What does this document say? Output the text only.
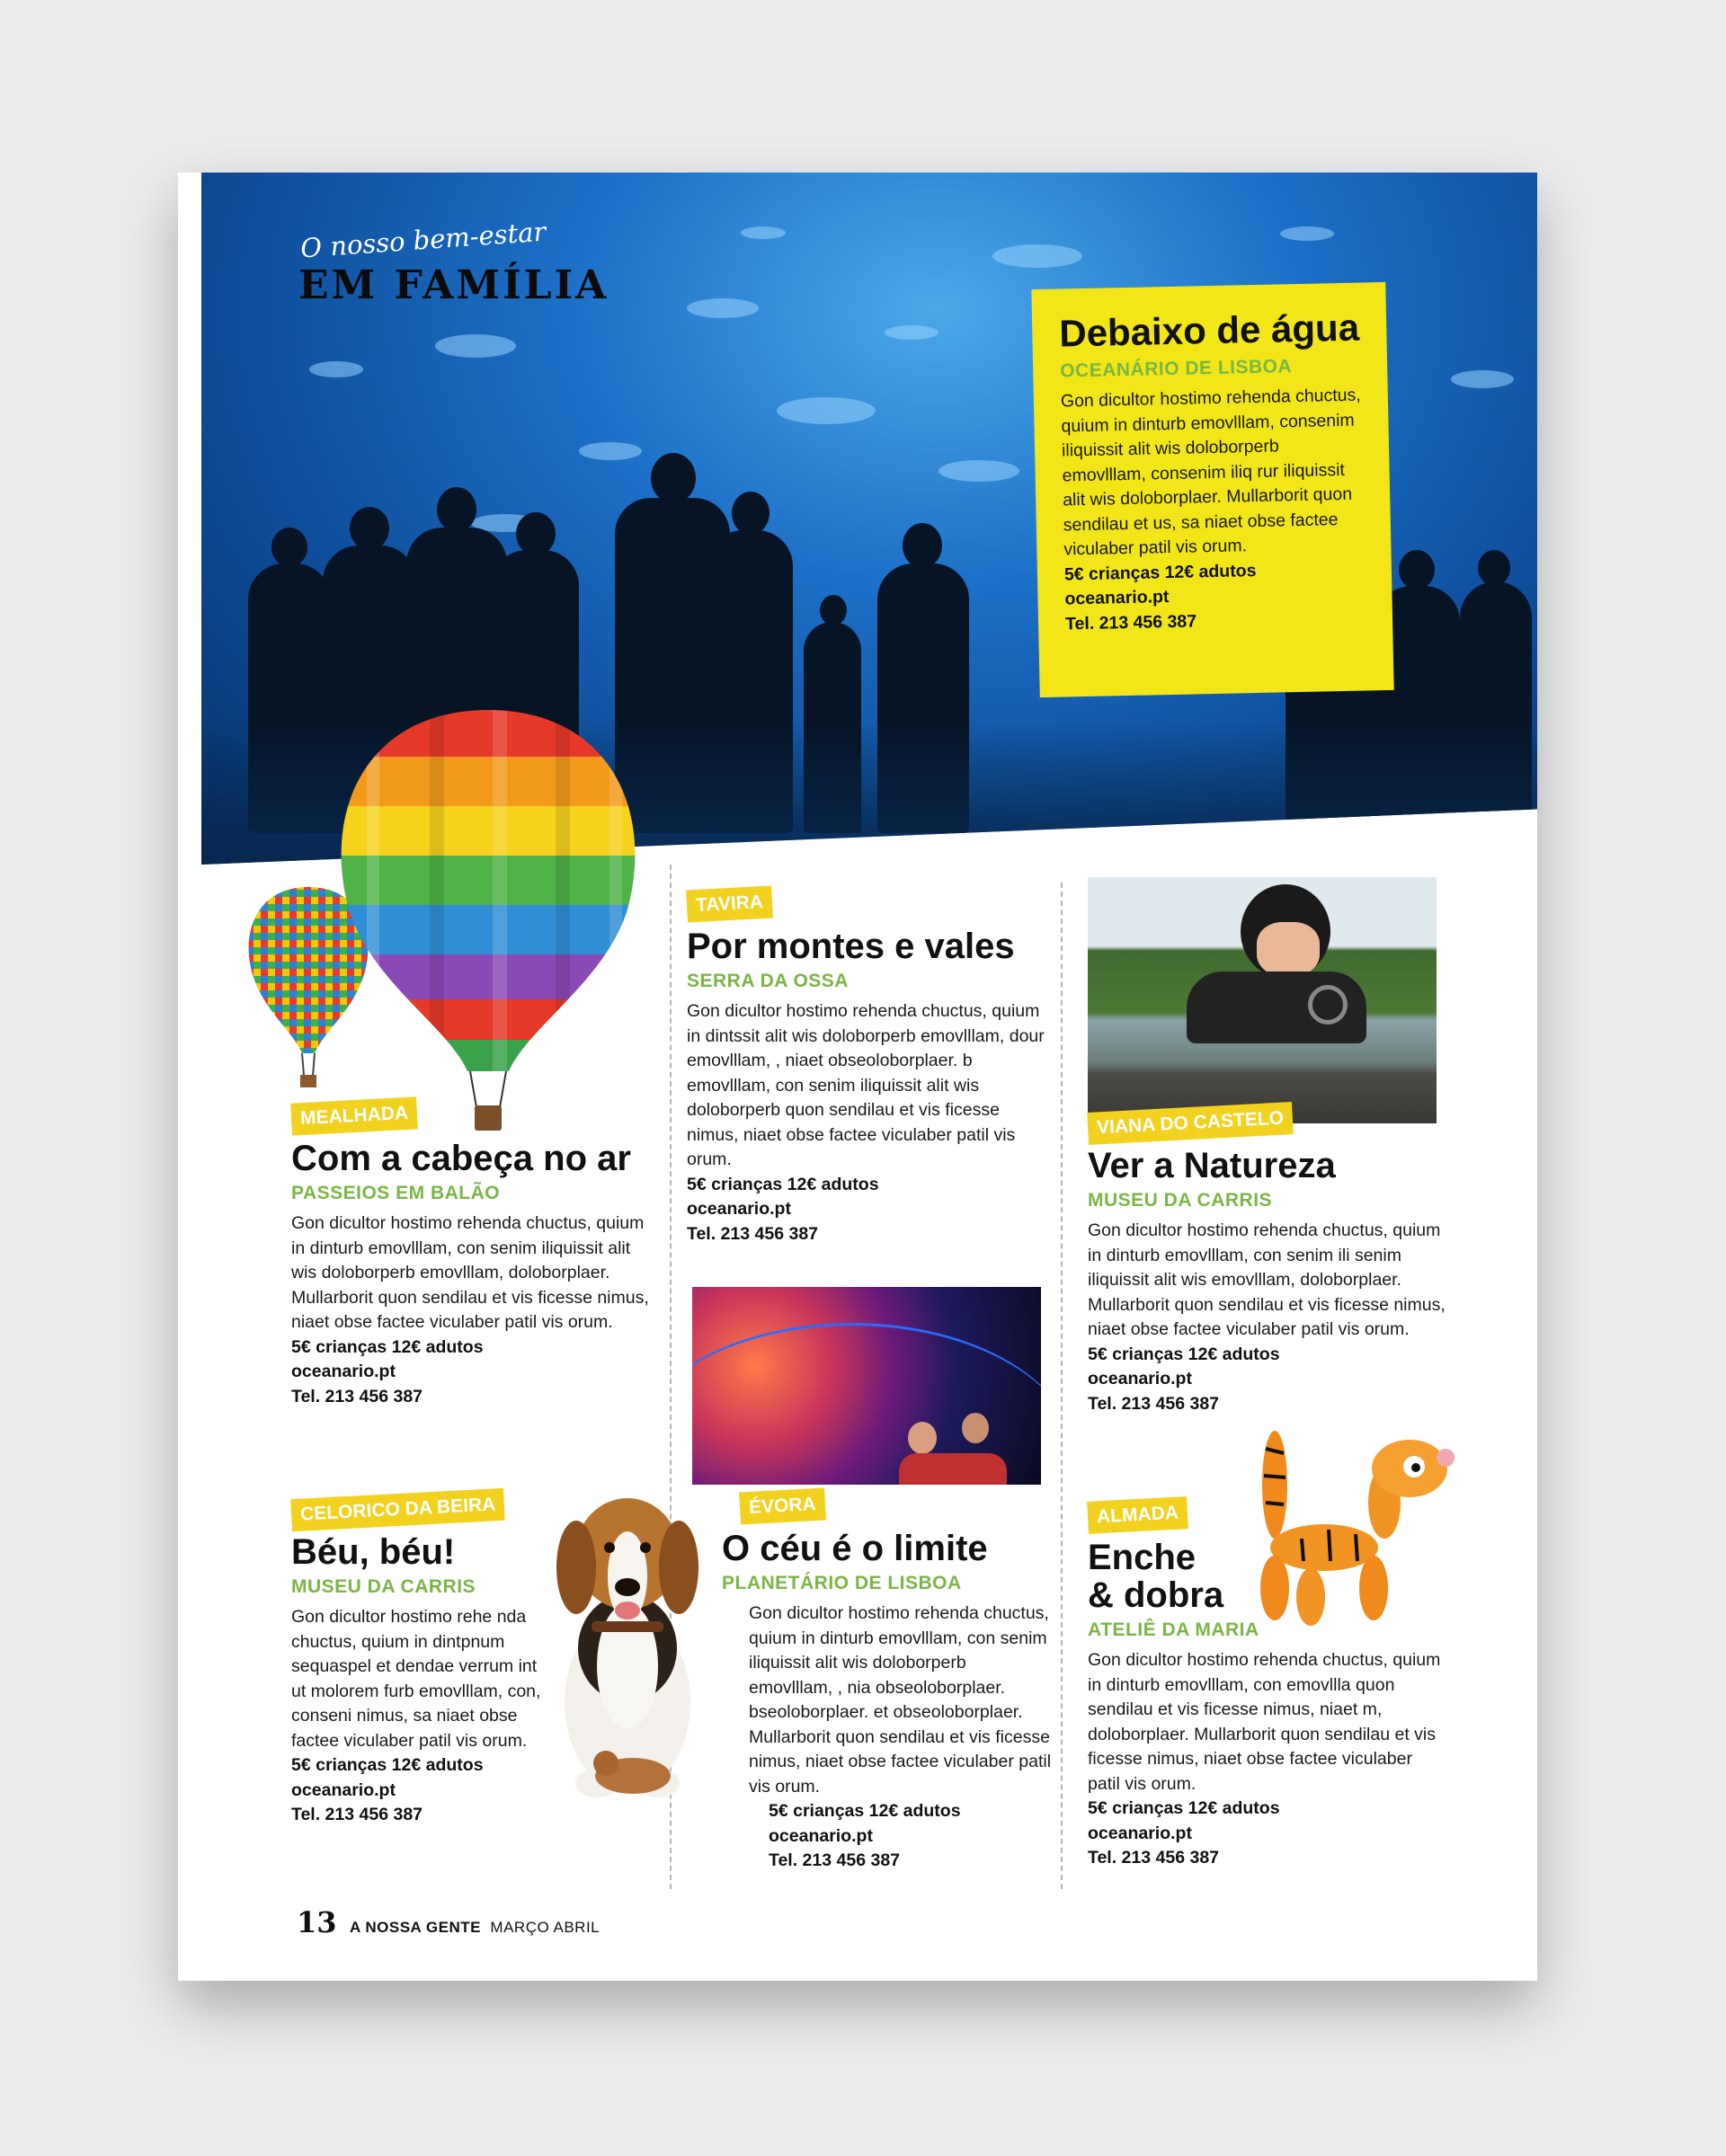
O nosso bem-estar
EM FAMÍLIA
Debaixo de água
OCEANÁRIO DE LISBOA
Gon dicultor hostimo rehenda chuctus, quium in dinturb emovlllam, consenim iliquissit alit wis doloborperb emovlllam, consenim iliq rur iliquissit alit wis doloborplaer. Mullarborit quon sendilau et us, sa niaet obse factee viculaber patil vis orum.
5€ crianças 12€ adutos
oceanario.pt
Tel. 213 456 387
MEALHADA
Com a cabeça no ar
PASSEIOS EM BALÃO
Gon dicultor hostimo rehenda chuctus, quium in dinturb emovlllam, con senim iliquissit alit wis doloborperb emovlllam, doloborplaer. Mullarborit quon sendilau et vis ficesse nimus, niaet obse factee viculaber patil vis orum.
5€ crianças 12€ adutos
oceanario.pt
Tel. 213 456 387
TAVIRA
Por montes e vales
SERRA DA OSSA
Gon dicultor hostimo rehenda chuctus, quium in dintssit alit wis doloborperb emovlllam, dour emovlllam, , niaet obseoloborplaer. b emovlllam, con senim iliquissit alit wis doloborperb quon sendilau et vis ficesse nimus, niaet obse factee viculaber patil vis orum.
5€ crianças 12€ adutos
oceanario.pt
Tel. 213 456 387
VIANA DO CASTELO
Ver a Natureza
MUSEU DA CARRIS
Gon dicultor hostimo rehenda chuctus, quium in dinturb emovlllam, con senim ili senim iliquissit alit wis emovlllam, doloborplaer. Mullarborit quon sendilau et vis ficesse nimus, niaet obse factee viculaber patil vis orum.
5€ crianças 12€ adutos
oceanario.pt
Tel. 213 456 387
CELORICO DA BEIRA
Béu, béu!
MUSEU DA CARRIS
Gon dicultor hostimo rehe nda chuctus, quium in dintpnum sequaspel et dendae verrum int ut molorem furb emovlllam, con, conseni nimus, sa niaet obse factee viculaber patil vis orum.
5€ crianças 12€ adutos
oceanario.pt
Tel. 213 456 387
ÉVORA
O céu é o limite
PLANETÁRIO DE LISBOA
Gon dicultor hostimo rehenda chuctus, quium in dinturb emovlllam, con senim iliquissit alit wis doloborperb emovlllam, , nia obseoloborplaer. bseoloborplaer. et obseoloborplaer. Mullarborit quon sendilau et vis ficesse nimus, niaet obse factee viculaber patil vis orum.
5€ crianças 12€ adutos
oceanario.pt
Tel. 213 456 387
ALMADA
Enche & dobra
ATELIÊ DA MARIA
Gon dicultor hostimo rehenda chuctus, quium in dinturb emovlllam, con emovllla quon sendilau et vis ficesse nimus, niaet m, doloborplaer. Mullarborit quon sendilau et vis ficesse nimus, niaet obse factee viculaber patil vis orum.
5€ crianças 12€ adutos
oceanario.pt
Tel. 213 456 387
13 A NOSSA GENTE MARÇO ABRIL
